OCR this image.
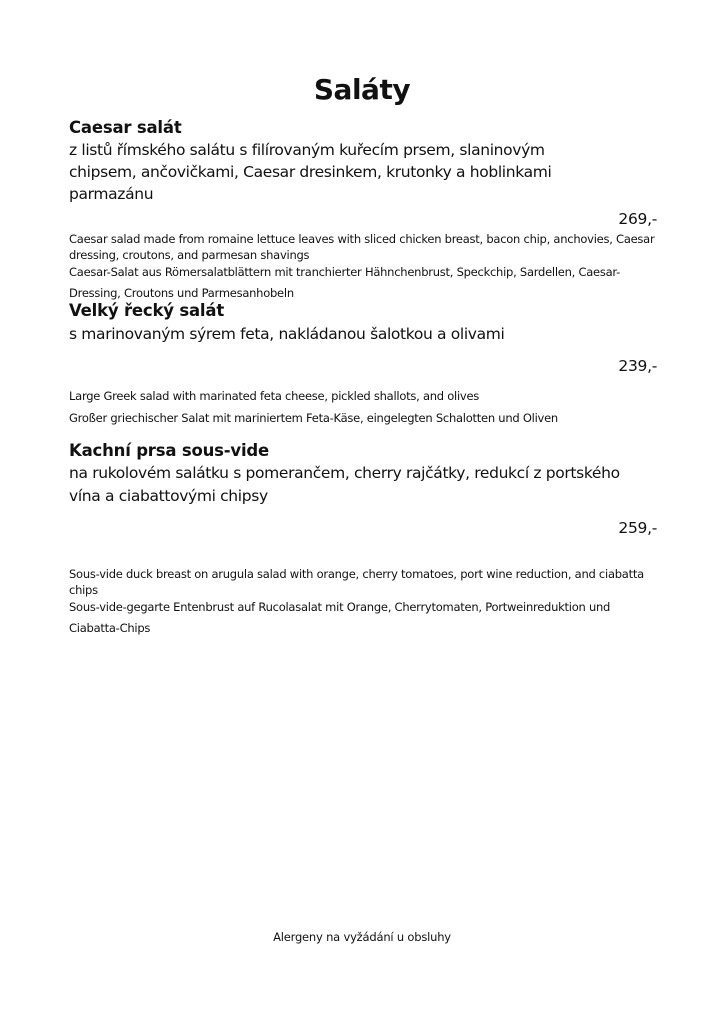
Saláty
Caesar salát
z listů římského salátu s filírovaným kuřecím prsem, slaninovým chipsem, ančovičkami, Caesar dresinkem, krutonky a hoblinkami parmazánu
269,-
Caesar salad made from romaine lettuce leaves with sliced chicken breast, bacon chip, anchovies, Caesar dressing, croutons, and parmesan shavings
Caesar-Salat aus Römersalatblättern mit tranchierter Hähnchenbrust, Speckchip, Sardellen, Caesar-Dressing, Croutons und Parmesanhobeln
Velký řecký salát
s marinovaným sýrem feta, nakládanou šalotkou a olivami
239,-
Large Greek salad with marinated feta cheese, pickled shallots, and olives
Großer griechischer Salat mit mariniertem Feta-Käse, eingelegten Schalotten und Oliven
Kachní prsa sous-vide
na rukolovém salátku s pomerančem, cherry rajčátky, redukcí z portského vína a ciabattovými chipsy
259,-
Sous-vide duck breast on arugula salad with orange, cherry tomatoes, port wine reduction, and ciabatta chips
Sous-vide-gegarte Entenbrust auf Rucolasalat mit Orange, Cherrytomaten, Portweinreduktion und Ciabatta-Chips
Alergeny na vyžádání u obsluhy
